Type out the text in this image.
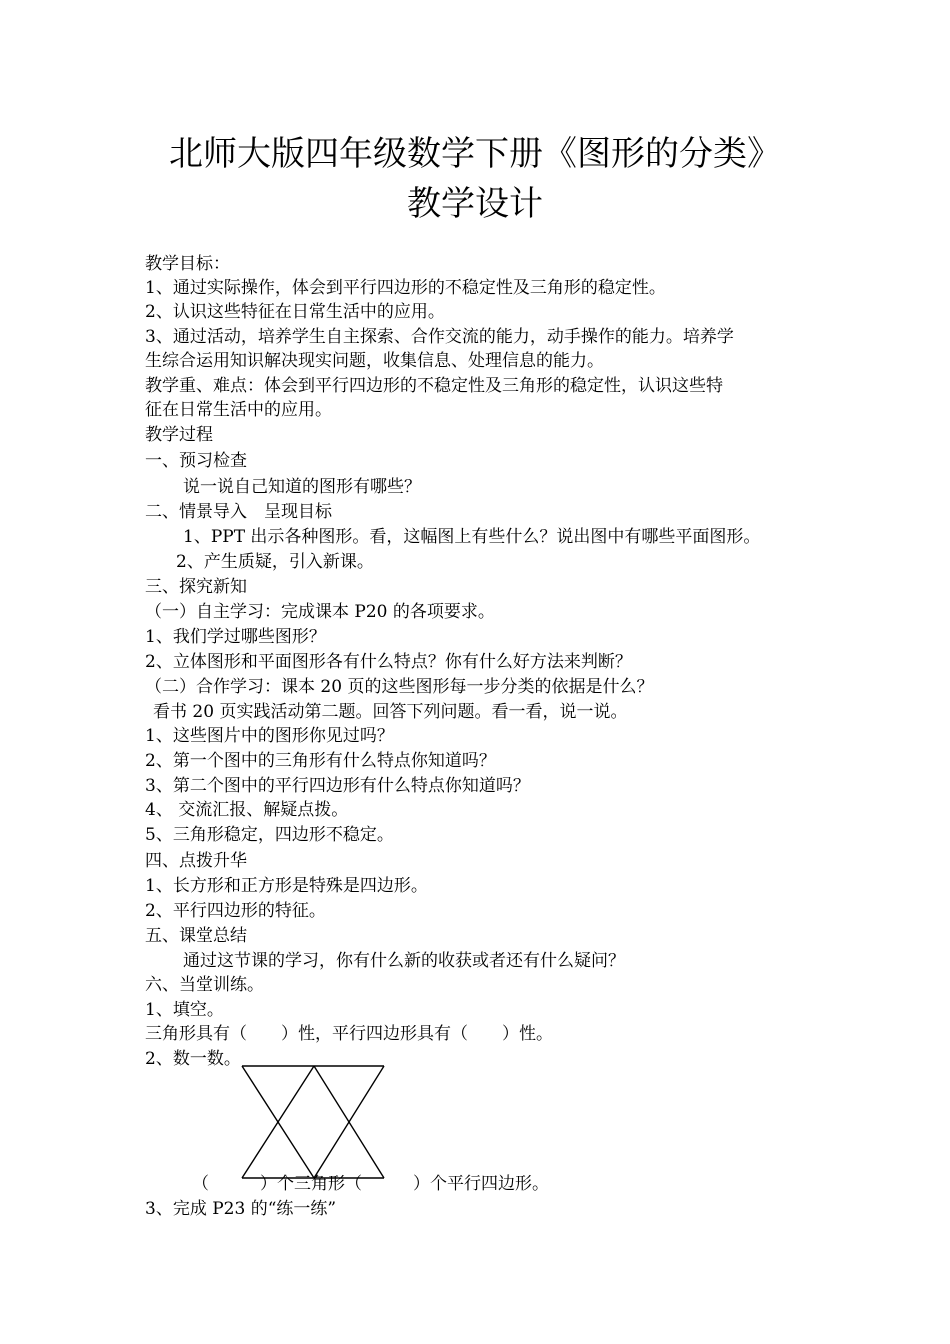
北师大版四年级数学下册《图形的分类》
教学设计
教学目标：
1、通过实际操作，体会到平行四边形的不稳定性及三角形的稳定性。
2、认识这些特征在日常生活中的应用。
3、通过活动，培养学生自主探索、合作交流的能力，动手操作的能力。培养学
生综合运用知识解决现实问题，收集信息、处理信息的能力。
教学重、难点：体会到平行四边形的不稳定性及三角形的稳定性，认识这些特
征在日常生活中的应用。
教学过程
一、预习检查
说一说自己知道的图形有哪些？
二、情景导入　呈现目标
1、PPT 出示各种图形。看，这幅图上有些什么？说出图中有哪些平面图形。
2、产生质疑，引入新课。
三、探究新知
（一）自主学习：完成课本 P20 的各项要求。
1、我们学过哪些图形？
2、立体图形和平面图形各有什么特点？你有什么好方法来判断？
（二）合作学习：课本 20 页的这些图形每一步分类的依据是什么？
看书 20 页实践活动第二题。回答下列问题。看一看，说一说。
1、这些图片中的图形你见过吗？
2、第一个图中的三角形有什么特点你知道吗？
3、第二个图中的平行四边形有什么特点你知道吗？
4、 交流汇报、解疑点拨。
5、三角形稳定，四边形不稳定。
四、点拨升华
1、长方形和正方形是特殊是四边形。
2、平行四边形的特征。
五、课堂总结
通过这节课的学习，你有什么新的收获或者还有什么疑问？
六、当堂训练。
1、填空。
三角形具有（　　）性，平行四边形具有（　　）性。
2、数一数。
（　　　）个三角形（　　　）个平行四边形。
3、完成 P23 的“练一练”
